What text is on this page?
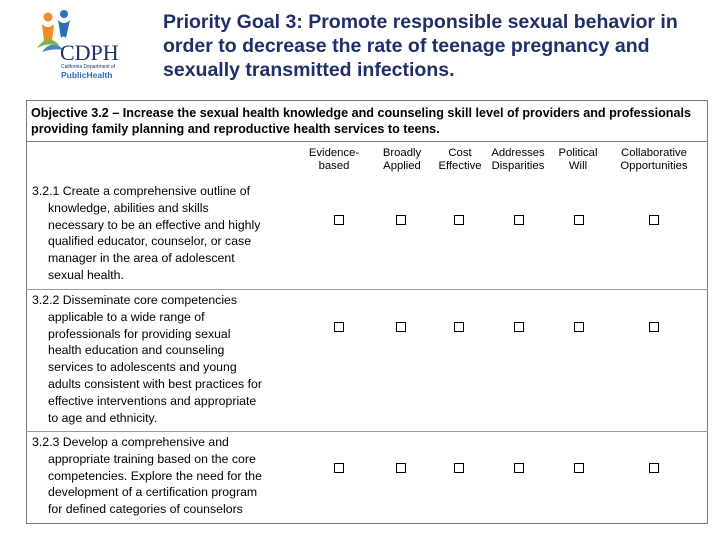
CDPH
California Department of
PublicHealth
Priority Goal 3: Promote responsible sexual behavior in order to decrease the rate of teenage pregnancy and sexually transmitted infections.

Objective 3.2 – Increase the sexual health knowledge and counseling skill level of providers and professionals providing family planning and reproductive health services to teens.

Evidence-
based
Broadly
Applied
Cost
Effective
Addresses
Disparities
Political
Will
Collaborative
Opportunities
3.2.1 Create a comprehensive outline of
knowledge, abilities and skills
necessary to be an effective and highly
qualified educator, counselor, or case
manager in the area of adolescent
sexual health.
3.2.2 Disseminate core competencies
applicable to a wide range of
professionals for providing sexual
health education and counseling
services to adolescents and young
adults consistent with best practices for
effective interventions and appropriate
to age and ethnicity.
3.2.3 Develop a comprehensive and
appropriate training based on the core
competencies. Explore the need for the
development of a certification program
for defined categories of counselors
